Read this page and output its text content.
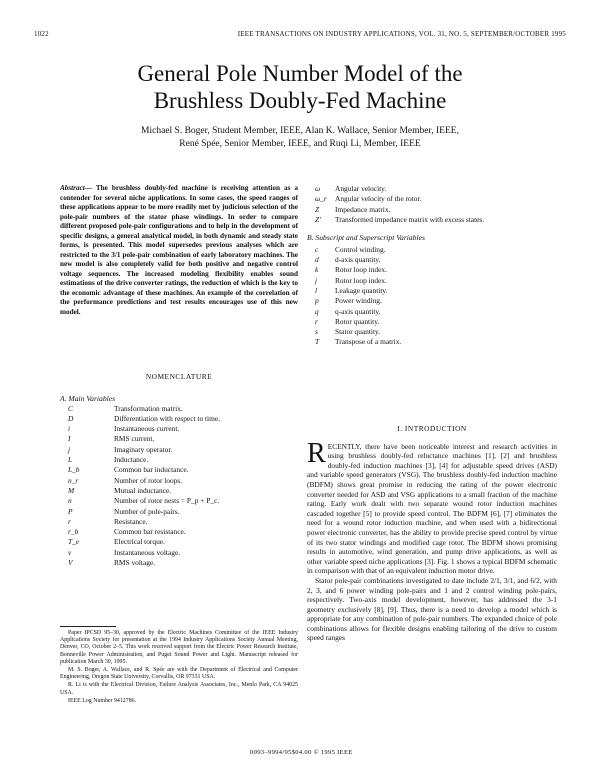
1022	IEEE TRANSACTIONS ON INDUSTRY APPLICATIONS, VOL. 31, NO. 5, SEPTEMBER/OCTOBER 1995
General Pole Number Model of the
Brushless Doubly-Fed Machine
Michael S. Boger, Student Member, IEEE, Alan K. Wallace, Senior Member, IEEE,
René Spée, Senior Member, IEEE, and Ruqi Li, Member, IEEE
Abstract— The brushless doubly-fed machine is receiving attention as a contender for several niche applications. In some cases, the speed ranges of these applications appear to be more readily met by judicious selection of the pole-pair numbers of the stator phase windings. In order to compare different proposed pole-pair configurations and to help in the development of specific designs, a general analytical model, in both dynamic and steady state forms, is presented. This model supersedes previous analyses which are restricted to the 3/1 pole-pair combination of early laboratory machines. The new model is also completely valid for both positive and negative control voltage sequences. The increased modeling flexibility enables sound estimations of the drive converter ratings, the reduction of which is the key to the economic advantage of these machines. An example of the correlation of the performance predictions and test results encourages use of this new model.
NOMENCLATURE
A. Main Variables
C	Transformation matrix.
D	Differentiation with respect to time.
i	Instantaneous current.
I	RMS current.
j	Imaginary operator.
L	Inductance.
L_b	Common bar inductance.
n_r	Number of rotor loops.
M	Mutual inductance.
n	Number of rotor nests = P_p + P_c.
P	Number of pole-pairs.
r	Resistance.
r_b	Common bar resistance.
T_e	Electrical torque.
v	Instantaneous voltage.
V	RMS voltage.

Paper IPCSD 95–30, approved by the Electric Machines Committee of the IEEE Industry Applications Society for presentation at the 1994 Industry Applications Society Annual Meeting, Denver, CO, October 2–5. This work received support from the Electric Power Research Institute, Bonneville Power Administration, and Puget Sound Power and Light. Manuscript released for publication March 30, 1995.

M. S. Boger, A. Wallace, and R. Spée are with the Department of Electrical and Computer Engineering, Oregon State University, Corvallis, OR 97331 USA.

R. Li is with the Electrical Division, Failure Analysis Associates, Inc., Menlo Park, CA 94025 USA.

IEEE Log Number 9412786.

ω	Angular velocity.
ω_r	Angular velocity of the rotor.
Z	Impedance matrix.
Z'	Transformed impedance matrix with excess states.
B. Subscript and Superscript Variables
c	Control winding.
d	d-axis quantity.
k	Rotor loop index.
j	Rotor loop index.
l	Leakage quantity.
p	Power winding.
q	q-axis quantity.
r	Rotor quantity.
s	Stator quantity.
T	Transpose of a matrix.
I. INTRODUCTION

RECENTLY, there have been noticeable interest and research activities in using brushless doubly-fed reluctance machines [1], [2] and brushless doubly-fed induction machines [3], [4] for adjustable speed drives (ASD) and variable speed generators (VSG). The brushless doubly-fed induction machine (BDFM) shows great promise in reducing the rating of the power electronic converter needed for ASD and VSG applications to a small fraction of the machine rating. Early work dealt with two separate wound rotor induction machines cascaded together [5] to provide speed control. The BDFM [6], [7] eliminates the need for a wound rotor induction machine, and when used with a bidirectional power electronic converter, has the ability to provide precise speed control by virtue of its two stator windings and modified cage rotor. The BDFM shows promising results in automotive, wind generation, and pump drive applications, as well as other variable speed niche applications [3]. Fig. 1 shows a typical BDFM schematic in comparison with that of an equivalent induction motor drive.

Stator pole-pair combinations investigated to date include 2/1, 3/1, and 6/2, with 2, 3, and 6 power winding pole-pairs and 1 and 2 control winding pole-pairs, respectively. Two-axis model development, however, has addressed the 3-1 geometry exclusively [8], [9]. Thus, there is a need to develop a model which is appropriate for any combination of pole-pair numbers. The expanded choice of pole combinations allows for flexible designs enabling tailoring of the drive to custom speed ranges

0093–9994/95$04.00 © 1995 IEEE
